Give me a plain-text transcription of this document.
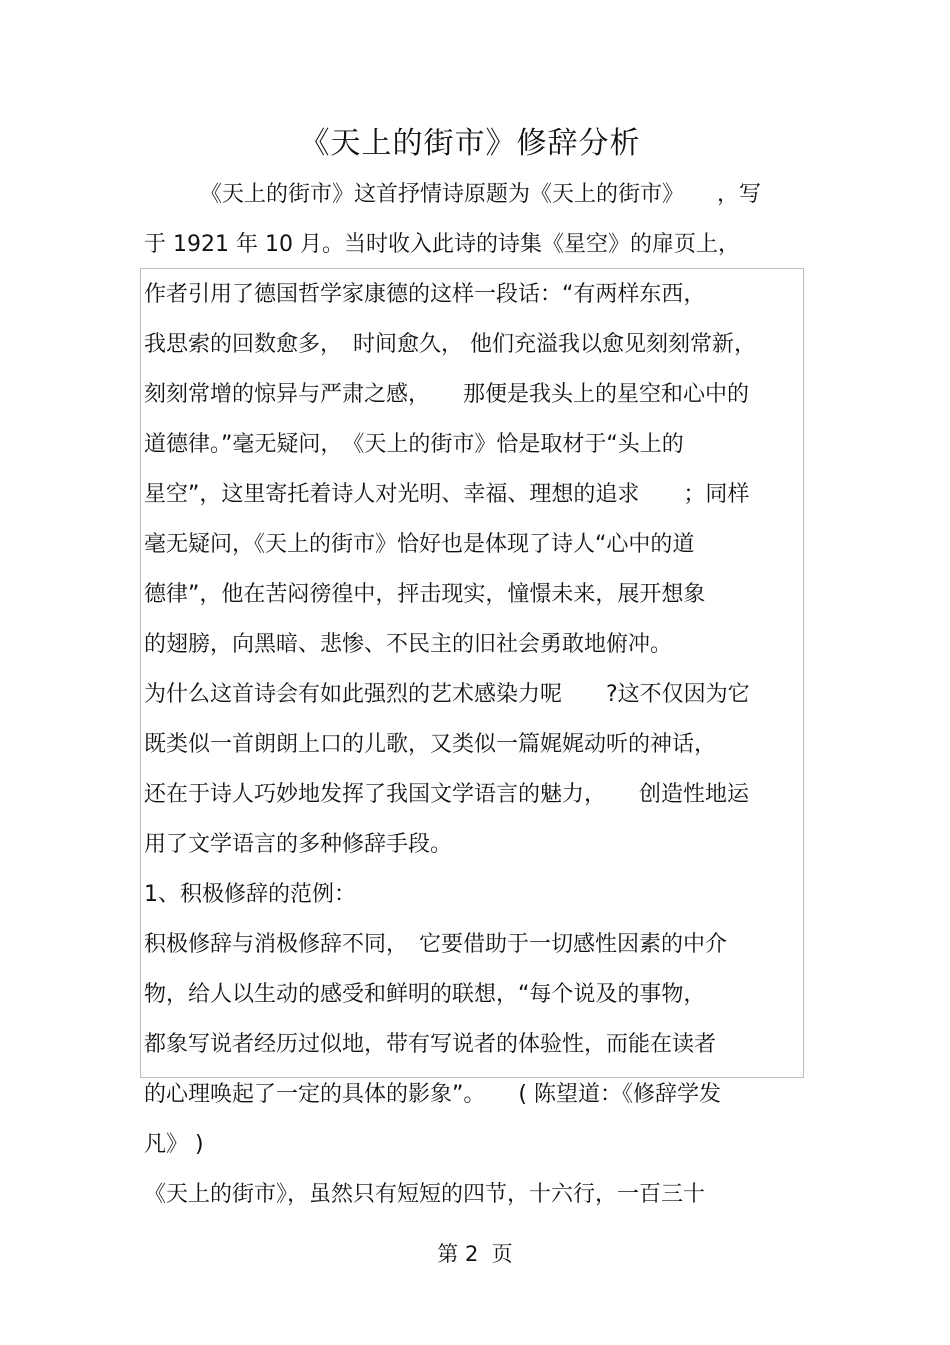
《天上的街市》修辞分析
《天上的街市》这首抒情诗原题为《天上的街市》　　，写
于 1921 年 10 月。当时收入此诗的诗集《星空》的扉页上，
作者引用了德国哲学家康德的这样一段话：“有两样东西，
我思索的回数愈多，　时间愈久， 他们充溢我以愈见刻刻常新，
刻刻常增的惊异与严肃之感，　　那便是我头上的星空和心中的
道德律。”毫无疑问，　《天上的街市》恰是取材于“头上的
星空”，这里寄托着诗人对光明、幸福、理想的追求　　；同样
毫无疑问，《天上的街市》恰好也是体现了诗人“心中的道
德律”，他在苦闷徬徨中，抨击现实，憧憬未来，展开想象
的翅膀，向黑暗、悲惨、不民主的旧社会勇敢地俯冲。
为什么这首诗会有如此强烈的艺术感染力呢　　?这不仅因为它
既类似一首朗朗上口的儿歌，又类似一篇娓娓动听的神话，
还在于诗人巧妙地发挥了我国文学语言的魅力，　　创造性地运
用了文学语言的多种修辞手段。
1、积极修辞的范例：
积极修辞与消极修辞不同，　它要借助于一切感性因素的中介
物，给人以生动的感受和鲜明的联想，“每个说及的事物，
都象写说者经历过似地，带有写说者的体验性，而能在读者
的心理唤起了一定的具体的影象”。　　( 陈望道：《修辞学发
凡》 )
《天上的街市》，虽然只有短短的四节，十六行，一百三十
第 2  页
